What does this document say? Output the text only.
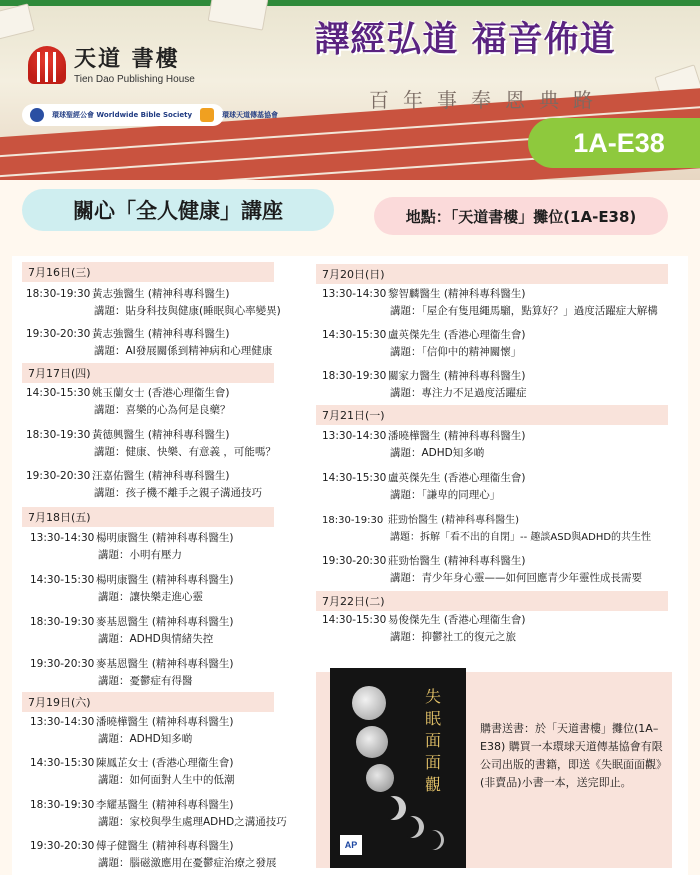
天道 書樓
Tien Dao Publishing House
環球聖經公會 Worldwide Bible Society	環球天道傳基協會
譯經弘道 福音佈道
百年事奉恩典路
1A-E38
關心「全人健康」講座	地點：「天道書樓」攤位(1A-E38)
7月16日(三)
18:30-19:30 黃志強醫生 (精神科專科醫生)
講題：貼身科技與健康(睡眠與心率變異)
19:30-20:30 黃志強醫生 (精神科專科醫生)
講題：AI發展關係到精神病和心理健康
7月17日(四)
14:30-15:30 姚玉蘭女士 (香港心理衞生會)
講題：喜樂的心為何是良藥？
18:30-19:30 黃德興醫生 (精神科專科醫生)
講題：健康、快樂、有意義 ，可能嗎？
19:30-20:30 汪嘉佑醫生 (精神科專科醫生)
講題：孩子機不離手之親子溝通技巧
7月18日(五)
13:30-14:30 楊明康醫生 (精神科專科醫生)
講題：小明有壓力
14:30-15:30 楊明康醫生 (精神科專科醫生)
講題：讓快樂走進心靈
18:30-19:30 麥基恩醫生 (精神科專科醫生)
講題：ADHD與情緒失控
19:30-20:30 麥基恩醫生 (精神科專科醫生)
講題：憂鬱症有得醫
7月19日(六)
13:30-14:30 潘曉樺醫生 (精神科專科醫生)
講題：ADHD知多啲
14:30-15:30 陳鳳芷女士 (香港心理衞生會)
講題：如何面對人生中的低潮
18:30-19:30 李耀基醫生 (精神科專科醫生)
講題：家校與學生處理ADHD之溝通技巧
19:30-20:30 傅子健醫生 (精神科專科醫生)
講題：腦磁激應用在憂鬱症治療之發展
7月20日(日)
13:30-14:30 黎智麟醫生 (精神科專科醫生)
講題：「屋企有隻甩繩馬騮，點算好？」過度活躍症大解構
14:30-15:30 盧英傑先生 (香港心理衞生會)
講題：「信仰中的精神關懷」
18:30-19:30 關家力醫生 (精神科專科醫生)
講題：專注力不足過度活躍症
7月21日(一)
13:30-14:30 潘曉樺醫生 (精神科專科醫生)
講題：ADHD知多啲
14:30-15:30 盧英傑先生 (香港心理衞生會)
講題：「謙卑的同理心」
18:30-19:30 莊勁怡醫生 (精神科專科醫生)
講題：拆解「看不出的自閉」-- 趣談ASD與ADHD的共生性
19:30-20:30 莊勁怡醫生 (精神科專科醫生)
講題：青少年身心靈——如何回應青少年靈性成長需要
7月22日(二)
14:30-15:30 易俊傑先生 (香港心理衞生會)
講題：抑鬱社工的復元之旅
失眠面面觀
AP
購書送書：於「天道書樓」攤位(1A–E38) 購買一本環球天道傳基協會有限公司出版的書籍，即送《失眠面面觀》(非賣品)小書一本，送完即止。
